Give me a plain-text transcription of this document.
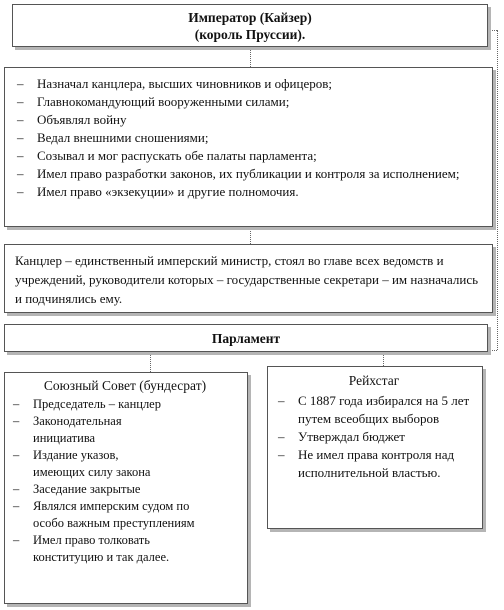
Император (Кайзер)
(король Пруссии).
– Назначал канцлера, высших чиновников и офицеров;
– Главнокомандующий вооруженными силами;
– Объявлял войну
– Ведал внешними сношениями;
– Созывал и мог распускать обе палаты парламента;
– Имел право разработки законов, их публикации и контроля за исполнением;
– Имел право «экзекуции» и другие полномочия.
Канцлер – единственный имперский министр, стоял во главе всех ведомств и учреждений, руководители которых – государственные секретари – им назначались и подчинялись ему.
Парламент
Союзный Совет (бундесрат)
– Председатель – канцлер
– Законодательная инициатива
– Издание указов, имеющих силу закона
– Заседание закрытые
– Являлся имперским судом по особо важным преступлениям
– Имел право толковать конституцию и так далее.
Рейхстаг
– С 1887 года избирался на 5 лет путем всеобщих выборов
– Утверждал бюджет
– Не имел права контроля над исполнительной властью.
